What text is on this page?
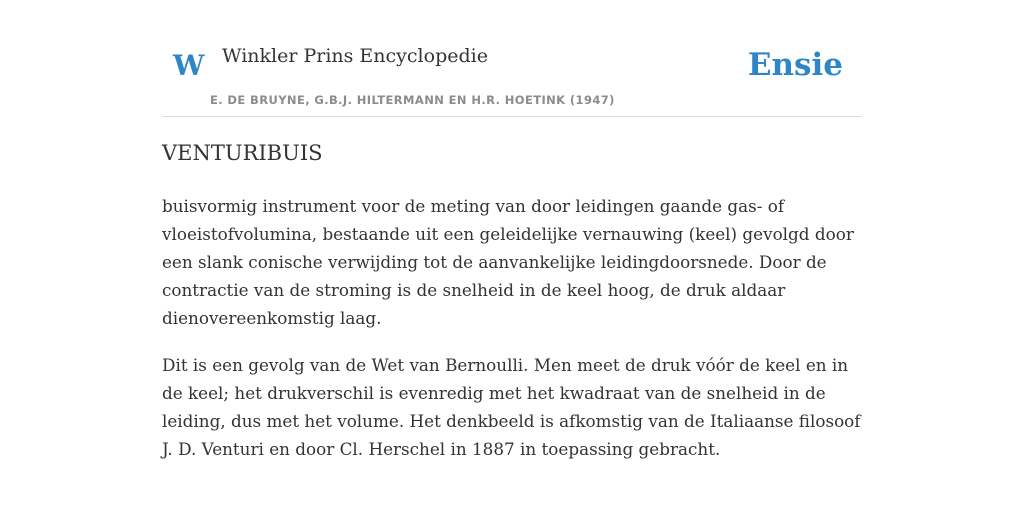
W Winkler Prins Encyclopedie
E. DE BRUYNE, G.B.J. HILTERMANN EN H.R. HOETINK (1947)
Ensie
VENTURIBUIS

buisvormig instrument voor de meting van door leidingen gaande gas- of vloeistofvolumina, bestaande uit een geleidelijke vernauwing (keel) gevolgd door een slank conische verwijding tot de aanvankelijke leidingdoorsnede. Door de contractie van de stroming is de snelheid in de keel hoog, de druk aldaar dienovereenkomstig laag.

Dit is een gevolg van de Wet van Bernoulli. Men meet de druk vóór de keel en in de keel; het drukverschil is evenredig met het kwadraat van de snelheid in de leiding, dus met het volume. Het denkbeeld is afkomstig van de Italiaanse filosoof J. D. Venturi en door Cl. Herschel in 1887 in toepassing gebracht.
